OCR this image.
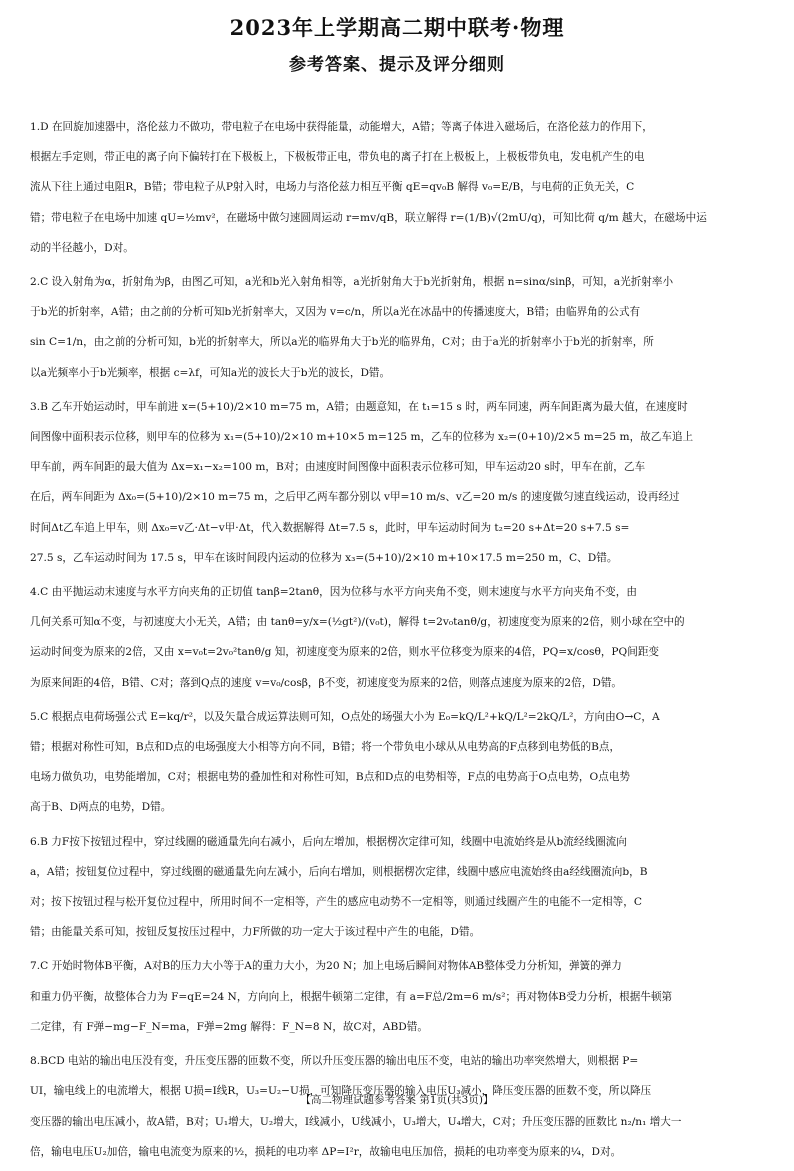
2023年上学期高二期中联考·物理
参考答案、提示及评分细则

1.D 在回旋加速器中，洛伦兹力不做功，带电粒子在电场中获得能量，动能增大，A错；等离子体进入磁场后，在洛伦兹力的作用下，

根据左手定则，带正电的离子向下偏转打在下极板上，下极板带正电，带负电的离子打在上极板上，上极板带负电，发电机产生的电

流从下往上通过电阻R，B错；带电粒子从P射入时，电场力与洛伦兹力相互平衡 qE=qv₀B 解得 v₀=E/B，与电荷的正负无关，C

错；带电粒子在电场中加速 qU=½mv²，在磁场中做匀速圆周运动 r=mv/qB，联立解得 r=(1/B)√(2mU/q)，可知比荷 q/m 越大，在磁场中运

动的半径越小，D对。

2.C 设入射角为α，折射角为β，由图乙可知，a光和b光入射角相等，a光折射角大于b光折射角，根据 n=sinα/sinβ，可知，a光折射率小

于b光的折射率，A错；由之前的分析可知b光折射率大，又因为 v=c/n，所以a光在冰晶中的传播速度大，B错；由临界角的公式有

sin C=1/n，由之前的分析可知，b光的折射率大，所以a光的临界角大于b光的临界角，C对；由于a光的折射率小于b光的折射率，所

以a光频率小于b光频率，根据 c=λf，可知a光的波长大于b光的波长，D错。

3.B 乙车开始运动时，甲车前进 x=(5+10)/2×10 m=75 m，A错；由题意知，在 t₁=15 s 时，两车同速，两车间距离为最大值，在速度时

间图像中面积表示位移，则甲车的位移为 x₁=(5+10)/2×10 m+10×5 m=125 m，乙车的位移为 x₂=(0+10)/2×5 m=25 m，故乙车追上

甲车前，两车间距的最大值为 Δx=x₁−x₂=100 m，B对；由速度时间图像中面积表示位移可知，甲车运动20 s时，甲车在前，乙车

在后，两车间距为 Δx₀=(5+10)/2×10 m=75 m，之后甲乙两车都分别以 v甲=10 m/s、v乙=20 m/s 的速度做匀速直线运动，设再经过

时间Δt乙车追上甲车，则 Δx₀=v乙·Δt−v甲·Δt，代入数据解得 Δt=7.5 s，此时，甲车运动时间为 t₂=20 s+Δt=20 s+7.5 s=

27.5 s，乙车运动时间为 17.5 s，甲车在该时间段内运动的位移为 x₃=(5+10)/2×10 m+10×17.5 m=250 m，C、D错。

4.C 由平抛运动末速度与水平方向夹角的正切值 tanβ=2tanθ，因为位移与水平方向夹角不变，则末速度与水平方向夹角不变，由

几何关系可知α不变，与初速度大小无关，A错；由 tanθ=y/x=(½gt²)/(v₀t)，解得 t=2v₀tanθ/g，初速度变为原来的2倍，则小球在空中的

运动时间变为原来的2倍，又由 x=v₀t=2v₀²tanθ/g 知，初速度变为原来的2倍，则水平位移变为原来的4倍，PQ=x/cosθ，PQ间距变

为原来间距的4倍，B错、C对；落到Q点的速度 v=v₀/cosβ，β不变，初速度变为原来的2倍，则落点速度为原来的2倍，D错。

5.C 根据点电荷场强公式 E=kq/r²，以及矢量合成运算法则可知，O点处的场强大小为 E₀=kQ/L²+kQ/L²=2kQ/L²，方向由O→C，A

错；根据对称性可知，B点和D点的电场强度大小相等方向不同，B错；将一个带负电小球从从电势高的F点移到电势低的B点，

电场力做负功，电势能增加，C对；根据电势的叠加性和对称性可知，B点和D点的电势相等，F点的电势高于O点电势，O点电势

高于B、D两点的电势，D错。

6.B 力F按下按钮过程中，穿过线圈的磁通量先向右减小，后向左增加，根据楞次定律可知，线圈中电流始终是从b流经线圈流向

a，A错；按钮复位过程中，穿过线圈的磁通量先向左减小，后向右增加，则根据楞次定律，线圈中感应电流始终由a经线圈流向b，B

对；按下按钮过程与松开复位过程中，所用时间不一定相等，产生的感应电动势不一定相等，则通过线圈产生的电能不一定相等，C

错；由能量关系可知，按钮反复按压过程中，力F所做的功一定大于该过程中产生的电能，D错。

7.C 开始时物体B平衡，A对B的压力大小等于A的重力大小，为20 N；加上电场后瞬间对物体AB整体受力分析知，弹簧的弹力

和重力仍平衡，故整体合力为 F=qE=24 N，方向向上，根据牛顿第二定律，有 a=F总/2m=6 m/s²；再对物体B受力分析，根据牛顿第

二定律，有 F弹−mg−F_N=ma，F弹=2mg 解得：F_N=8 N，故C对，ABD错。

8.BCD 电站的输出电压没有变，升压变压器的匝数不变，所以升压变压器的输出电压不变，电站的输出功率突然增大，则根据 P=

UI，输电线上的电流增大，根据 U损=I线R，U₃=U₂−U损，可知降压变压器的输入电压U₃减小，降压变压器的匝数不变，所以降压

变压器的输出电压减小，故A错，B对；U₁增大，U₂增大，I线减小，U线减小，U₃增大，U₄增大，C对；升压变压器的匝数比 n₂/n₁ 增大一

倍，输电电压U₂加倍，输电电流变为原来的½，损耗的电功率 ΔP=I²r，故输电电压加倍，损耗的电功率变为原来的¼，D对。

【高二物理试题参考答案 第1页(共3页)】
